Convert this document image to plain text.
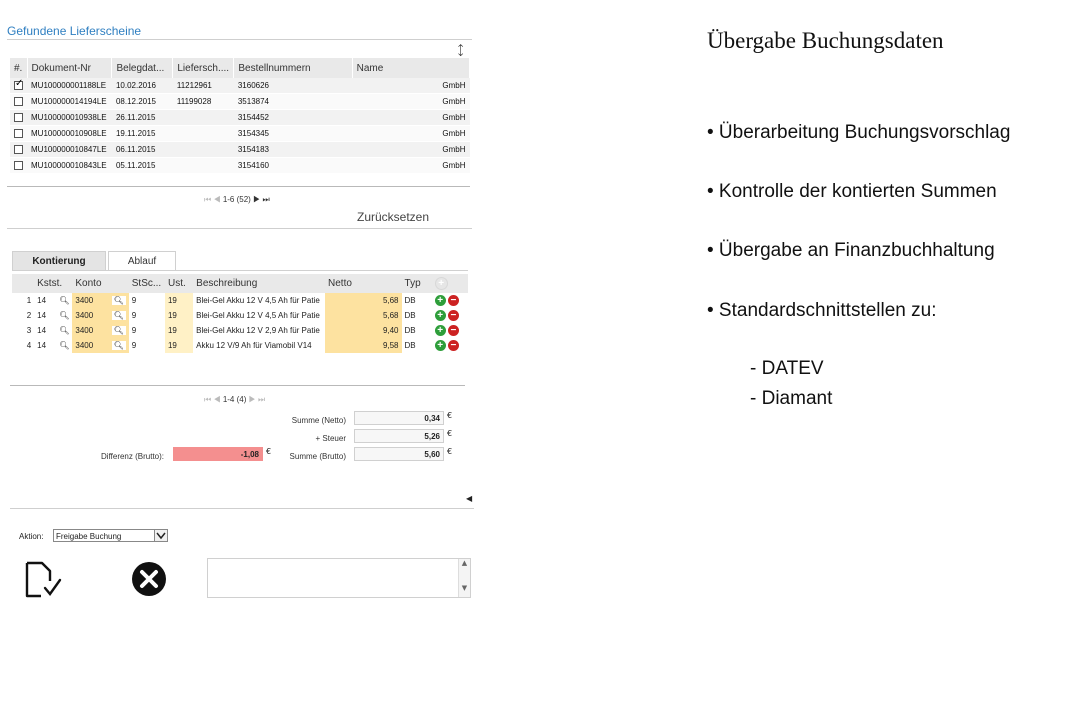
Gefundene Lieferscheine
⤢
#.	Dokument-Nr	Belegdat...	Liefersch....	Bestellnummern	Name
✓	MU100000001188LE	10.02.2016	11212961	3160626	GmbH
	MU100000014194LE	08.12.2015	11199028	3513874	GmbH
	MU100000010938LE	26.11.2015		3154452	GmbH
	MU100000010908LE	19.11.2015		3154345	GmbH
	MU100000010847LE	06.11.2015		3154183	GmbH
	MU100000010843LE	05.11.2015		3154160	GmbH
⏮ ◀ 1-6 (52) ▶ ⏭
Zurücksetzen
Kontierung	Ablauf
	Kstst.	Konto	StSc...	Ust.	Beschreibung	Netto	Typ	+
1	14 🔍︎	3400 🔍︎	9	19	Blei-Gel Akku 12 V 4,5 Ah für Patie	5,68	DB	+ −
2	14 🔍︎	3400 🔍︎	9	19	Blei-Gel Akku 12 V 4,5 Ah für Patie	5,68	DB	+ −
3	14 🔍︎	3400 🔍︎	9	19	Blei-Gel Akku 12 V 2,9 Ah für Patie	9,40	DB	+ −
4	14 🔍︎	3400 🔍︎	9	19	Akku 12 V/9 Ah für Viamobil V14	9,58	DB	+ −
⏮ ◀ 1-4 (4) ▶ ⏭
Summe (Netto)	0,34 €
+ Steuer	5,26 €
Differenz (Brutto):	-1,08 €
Summe (Brutto)	5,60 €
◀
Aktion:	Freigabe Buchung
▲
▼
Übergabe Buchungsdaten
• Überarbeitung Buchungsvorschlag
• Kontrolle der kontierten Summen
• Übergabe an Finanzbuchhaltung
• Standardschnittstellen zu:
- DATEV
- Diamant
